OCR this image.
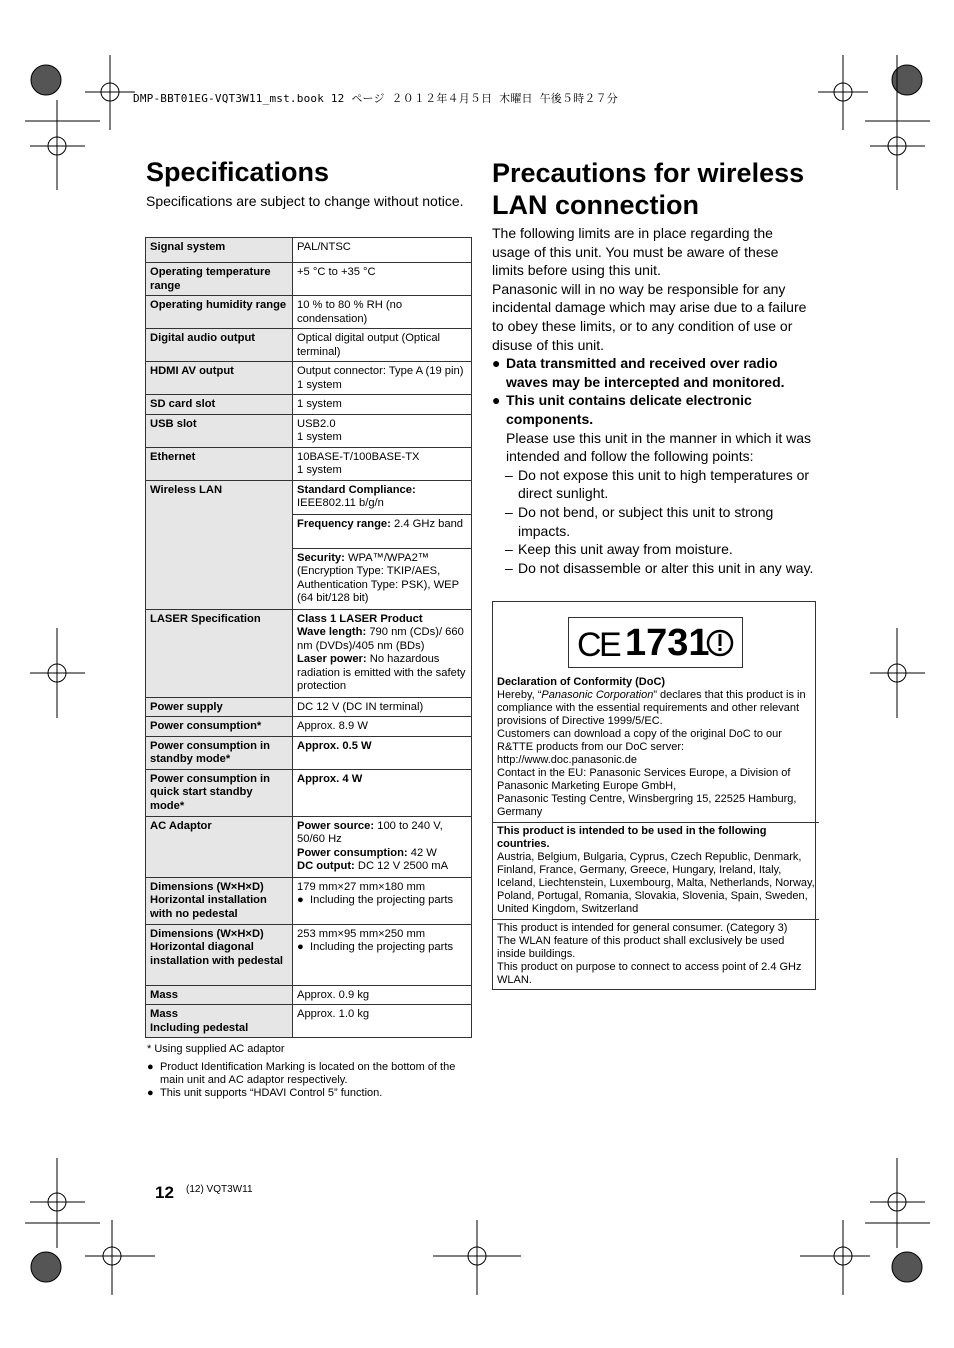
DMP-BBT01EG-VQT3W11_mst.book 12 ページ ２０１２年４月５日 木曜日 午後５時２７分
Specifications
Specifications are subject to change without notice.
Signal system	PAL/NTSC
Operating temperature range	+5 °C to +35 °C
Operating humidity range	10 % to 80 % RH (no condensation)
Digital audio output	Optical digital output (Optical terminal)
HDMI AV output	Output connector: Type A (19 pin) 1 system
SD card slot	1 system
USB slot	USB2.0
1 system

Ethernet	10BASE-T/100BASE-TX
1 system

Wireless LAN	Standard Compliance:
IEEE802.11 b/g/n
Frequency range: 2.4 GHz band
Security: WPA™/WPA2™ (Encryption Type: TKIP/AES, Authentication Type: PSK), WEP (64 bit/128 bit)

LASER Specification	Class 1 LASER Product
Wave length: 790 nm (CDs)/ 660 nm (DVDs)/405 nm (BDs)
Laser power: No hazardous radiation is emitted with the safety protection

Power supply	DC 12 V (DC IN terminal)
Power consumption*	Approx. 8.9 W
Power consumption in standby mode*	Approx. 0.5 W
Power consumption in quick start standby mode*	Approx. 4 W
AC Adaptor	Power source: 100 to 240 V, 50/60 Hz
Power consumption: 42 W
DC output: DC 12 V 2500 mA

Dimensions (W×H×D) Horizontal installation with no pedestal	179 mm×27 mm×180 mm
● Including the projecting parts

Dimensions (W×H×D) Horizontal diagonal installation with pedestal	253 mm×95 mm×250 mm
● Including the projecting parts

Mass	Approx. 0.9 kg

Mass
Including pedestal	Approx. 1.0 kg
* Using supplied AC adaptor
● Product Identification Marking is located on the bottom of the main unit and AC adaptor respectively.
● This unit supports “HDAVI Control 5” function.
Precautions for wireless LAN connection
The following limits are in place regarding the usage of this unit. You must be aware of these limits before using this unit.
Panasonic will in no way be responsible for any incidental damage which may arise due to a failure to obey these limits, or to any condition of use or disuse of this unit.
● Data transmitted and received over radio waves may be intercepted and monitored.
● This unit contains delicate electronic components.
Please use this unit in the manner in which it was intended and follow the following points:
– Do not expose this unit to high temperatures or direct sunlight.
– Do not bend, or subject this unit to strong impacts.
– Keep this unit away from moisture.
– Do not disassemble or alter this unit in any way.
C
E 1731
Declaration of Conformity (DoC)
Hereby, “Panasonic Corporation” declares that this product is in compliance with the essential requirements and other relevant provisions of Directive 1999/5/EC.
Customers can download a copy of the original DoC to our R&TTE products from our DoC server:
http://www.doc.panasonic.de
Contact in the EU: Panasonic Services Europe, a Division of Panasonic Marketing Europe GmbH,
Panasonic Testing Centre, Winsbergring 15, 22525 Hamburg, Germany
This product is intended to be used in the following countries.
Austria, Belgium, Bulgaria, Cyprus, Czech Republic, Denmark, Finland, France, Germany, Greece, Hungary, Ireland, Italy, Iceland, Liechtenstein, Luxembourg, Malta, Netherlands, Norway, Poland, Portugal, Romania, Slovakia, Slovenia, Spain, Sweden, United Kingdom, Switzerland
This product is intended for general consumer. (Category 3)
The WLAN feature of this product shall exclusively be used inside buildings.
This product on purpose to connect to access point of 2.4 GHz WLAN.
12 (12) VQT3W11
